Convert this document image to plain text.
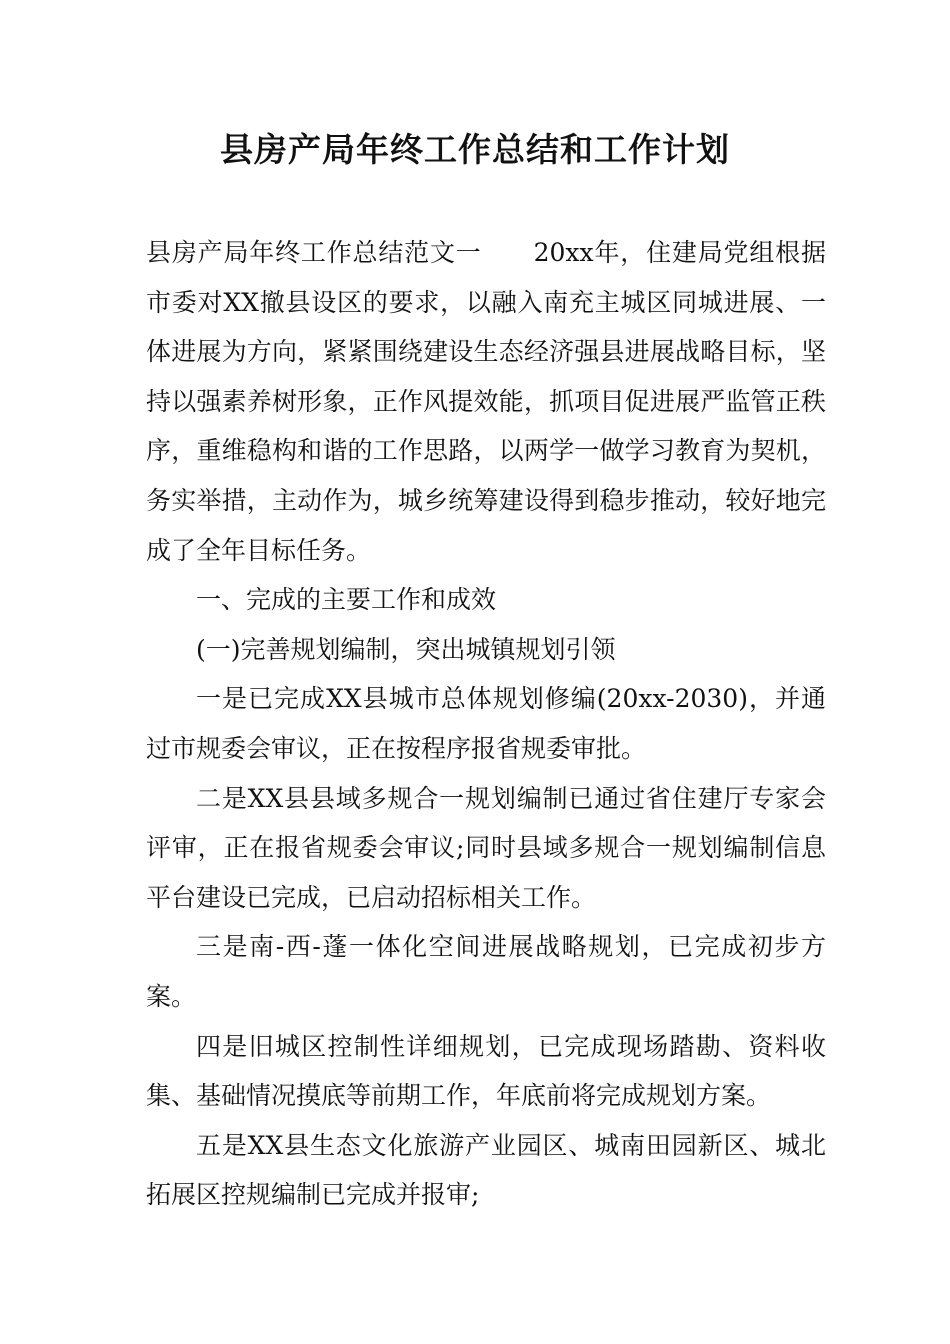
县房产局年终工作总结和工作计划

县房产局年终工作总结范文一 20xx年，住建局党组根据市委对XX撤县设区的要求，以融入南充主城区同城进展、一体进展为方向，紧紧围绕建设生态经济强县进展战略目标，坚持以强素养树形象，正作风提效能，抓项目促进展严监管正秩序，重维稳构和谐的工作思路，以两学一做学习教育为契机，务实举措，主动作为，城乡统筹建设得到稳步推动，较好地完成了全年目标任务。

一、完成的主要工作和成效

(一)完善规划编制，突出城镇规划引领

一是已完成XX县城市总体规划修编(20xx-2030)，并通过市规委会审议，正在按程序报省规委审批。

二是XX县县域多规合一规划编制已通过省住建厅专家会评审，正在报省规委会审议;同时县域多规合一规划编制信息平台建设已完成，已启动招标相关工作。

三是南-西-蓬一体化空间进展战略规划，已完成初步方案。

四是旧城区控制性详细规划，已完成现场踏勘、资料收集、基础情况摸底等前期工作，年底前将完成规划方案。

五是XX县生态文化旅游产业园区、城南田园新区、城北拓展区控规编制已完成并报审;
